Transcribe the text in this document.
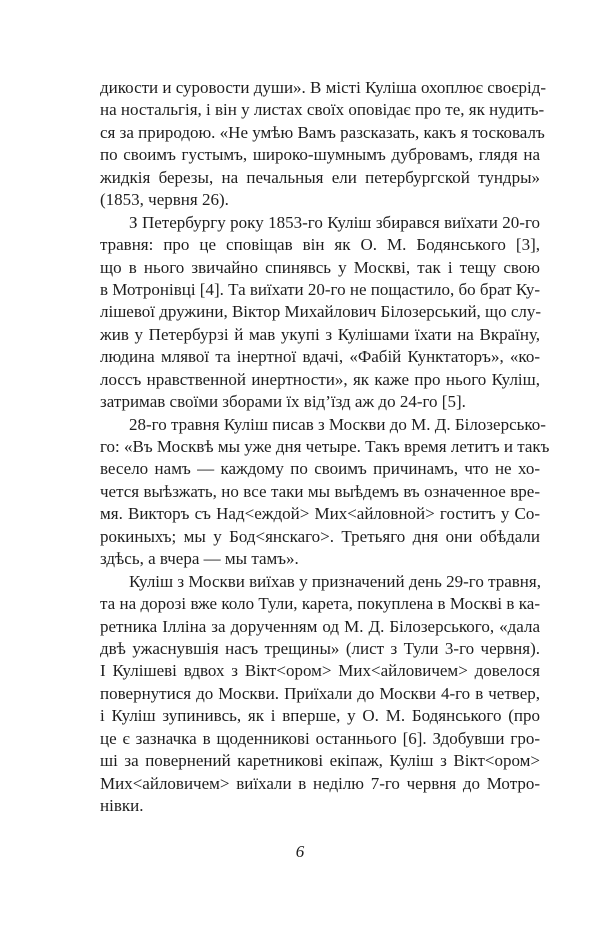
дикости и суровости души». В місті Куліша охоплює своєрід-
на ностальгія, і він у листах своїх оповідає про те, як нудить-
ся за природою. «Не умѣю Вамъ разсказать, какъ я тосковалъ
по своимъ густымъ, широко-шумнымъ дубровамъ, глядя на
жидкія березы, на печальныя ели петербургской тундры»
(1853, червня 26).
З Петербургу року 1853-го Куліш збирався виїхати 20-го
травня: про це сповіщав він як О. М. Бодянського [3],
що в нього звичайно спинявсь у Москві, так і тещу свою
в Мотронівці [4]. Та виїхати 20-го не пощастило, бо брат Ку-
лішевої дружини, Віктор Михайлович Білозерський, що слу-
жив у Петербурзі й мав укупі з Кулішами їхати на Вкраїну,
людина млявої та інертної вдачі, «Фабій Кунктаторъ», «ко-
лоссъ нравственной инертности», як каже про нього Куліш,
затримав своїми зборами їх від’їзд аж до 24-го [5].
28-го травня Куліш писав з Москви до М. Д. Білозерсько-
го: «Въ Москвѣ мы уже дня четыре. Такъ время летитъ и такъ
весело намъ — каждому по своимъ причинамъ, что не хо-
чется выѣзжать, но все таки мы выѣдемъ въ означенное вре-
мя. Викторъ съ Над<еждой> Мих<айловной> гоститъ у Со-
рокиныхъ; мы у Бод<янскаго>. Третьяго дня они обѣдали
здѣсь, а вчера — мы тамъ».
Куліш з Москви виїхав у призначений день 29-го травня,
та на дорозі вже коло Тули, карета, покуплена в Москві в ка-
ретника Ілліна за дорученням од М. Д. Білозерського, «дала
двѣ ужаснувшія насъ трещины» (лист з Тули 3-го червня).
І Кулішеві вдвох з Вікт<ором> Мих<айловичем> довелося
повернутися до Москви. Приїхали до Москви 4-го в четвер,
і Куліш зупинивсь, як і вперше, у О. М. Бодянського (про
це є зазначка в щоденникові останнього [6]. Здобувши гро-
ші за повернений каретникові екіпаж, Куліш з Вікт<ором>
Мих<айловичем> виїхали в неділю 7-го червня до Мотро-
нівки.
6
